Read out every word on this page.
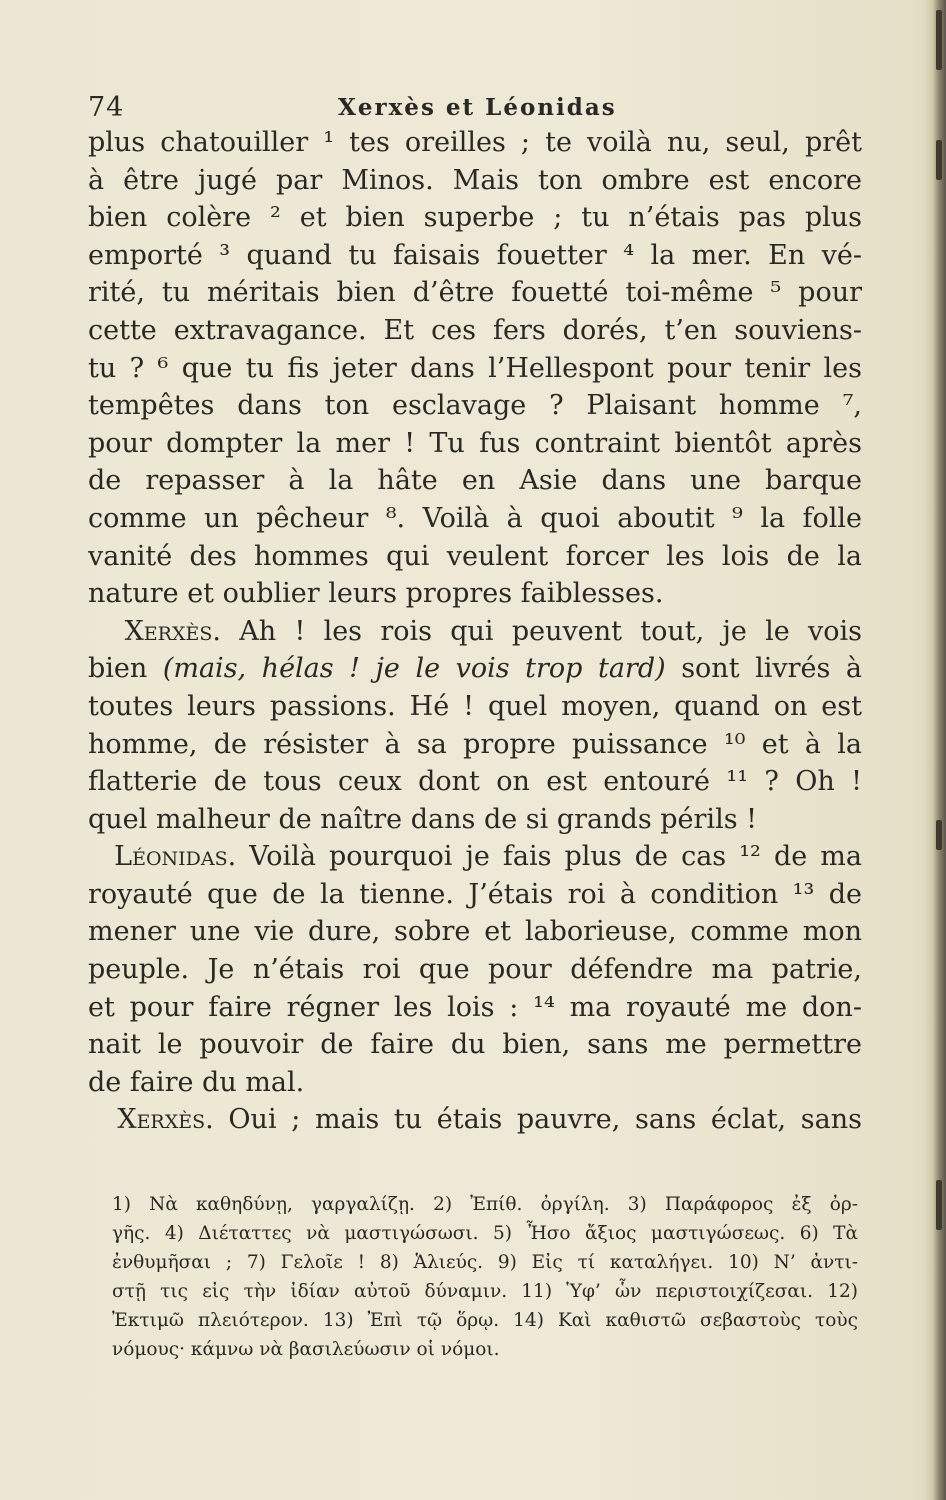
74	Xerxès et Léonidas
plus chatouiller ¹ tes oreilles ; te voilà nu, seul, prêt
à être jugé par Minos. Mais ton ombre est encore
bien colère ² et bien superbe ; tu n’étais pas plus
emporté ³ quand tu faisais fouetter ⁴ la mer. En vé-
rité, tu méritais bien d’être fouetté toi-même ⁵ pour
cette extravagance. Et ces fers dorés, t’en souviens-
tu ? ⁶ que tu fis jeter dans l’Hellespont pour tenir les
tempêtes dans ton esclavage ? Plaisant homme ⁷,
pour dompter la mer ! Tu fus contraint bientôt après
de repasser à la hâte en Asie dans une barque
comme un pêcheur ⁸. Voilà à quoi aboutit ⁹ la folle
vanité des hommes qui veulent forcer les lois de la
nature et oublier leurs propres faiblesses.
Xerxès. Ah ! les rois qui peuvent tout, je le vois
bien (mais, hélas ! je le vois trop tard) sont livrés à
toutes leurs passions. Hé ! quel moyen, quand on est
homme, de résister à sa propre puissance ¹⁰ et à la
flatterie de tous ceux dont on est entouré ¹¹ ? Oh !
quel malheur de naître dans de si grands périls !
Léonidas. Voilà pourquoi je fais plus de cas ¹² de ma
royauté que de la tienne. J’étais roi à condition ¹³ de
mener une vie dure, sobre et laborieuse, comme mon
peuple. Je n’étais roi que pour défendre ma patrie,
et pour faire régner les lois : ¹⁴ ma royauté me don-
nait le pouvoir de faire du bien, sans me permettre
de faire du mal.
Xerxès. Oui ; mais tu étais pauvre, sans éclat, sans
1) Νὰ καθηδύνῃ, γαργαλίζῃ. 2) Ἐπίθ. ὀργίλη. 3) Παράφορος ἐξ ὀρ-
γῆς. 4) Διέταττες νὰ μαστιγώσωσι. 5) Ἦσο ἄξιος μαστιγώσεως. 6) Τὰ
ἐνθυμῆσαι ; 7) Γελοῖε ! 8) Ἁλιεύς. 9) Εἰς τί καταλήγει. 10) Ν’ ἀντι-
στῇ τις εἰς τὴν ἰδίαν αὐτοῦ δύναμιν. 11) Ὑφ’ ὧν περιστοιχίζεσαι. 12)
Ἐκτιμῶ πλειότερον. 13) Ἐπὶ τῷ ὅρῳ. 14) Καὶ καθιστῶ σεβαστοὺς τοὺς
νόμους· κάμνω νὰ βασιλεύωσιν οἱ νόμοι.
